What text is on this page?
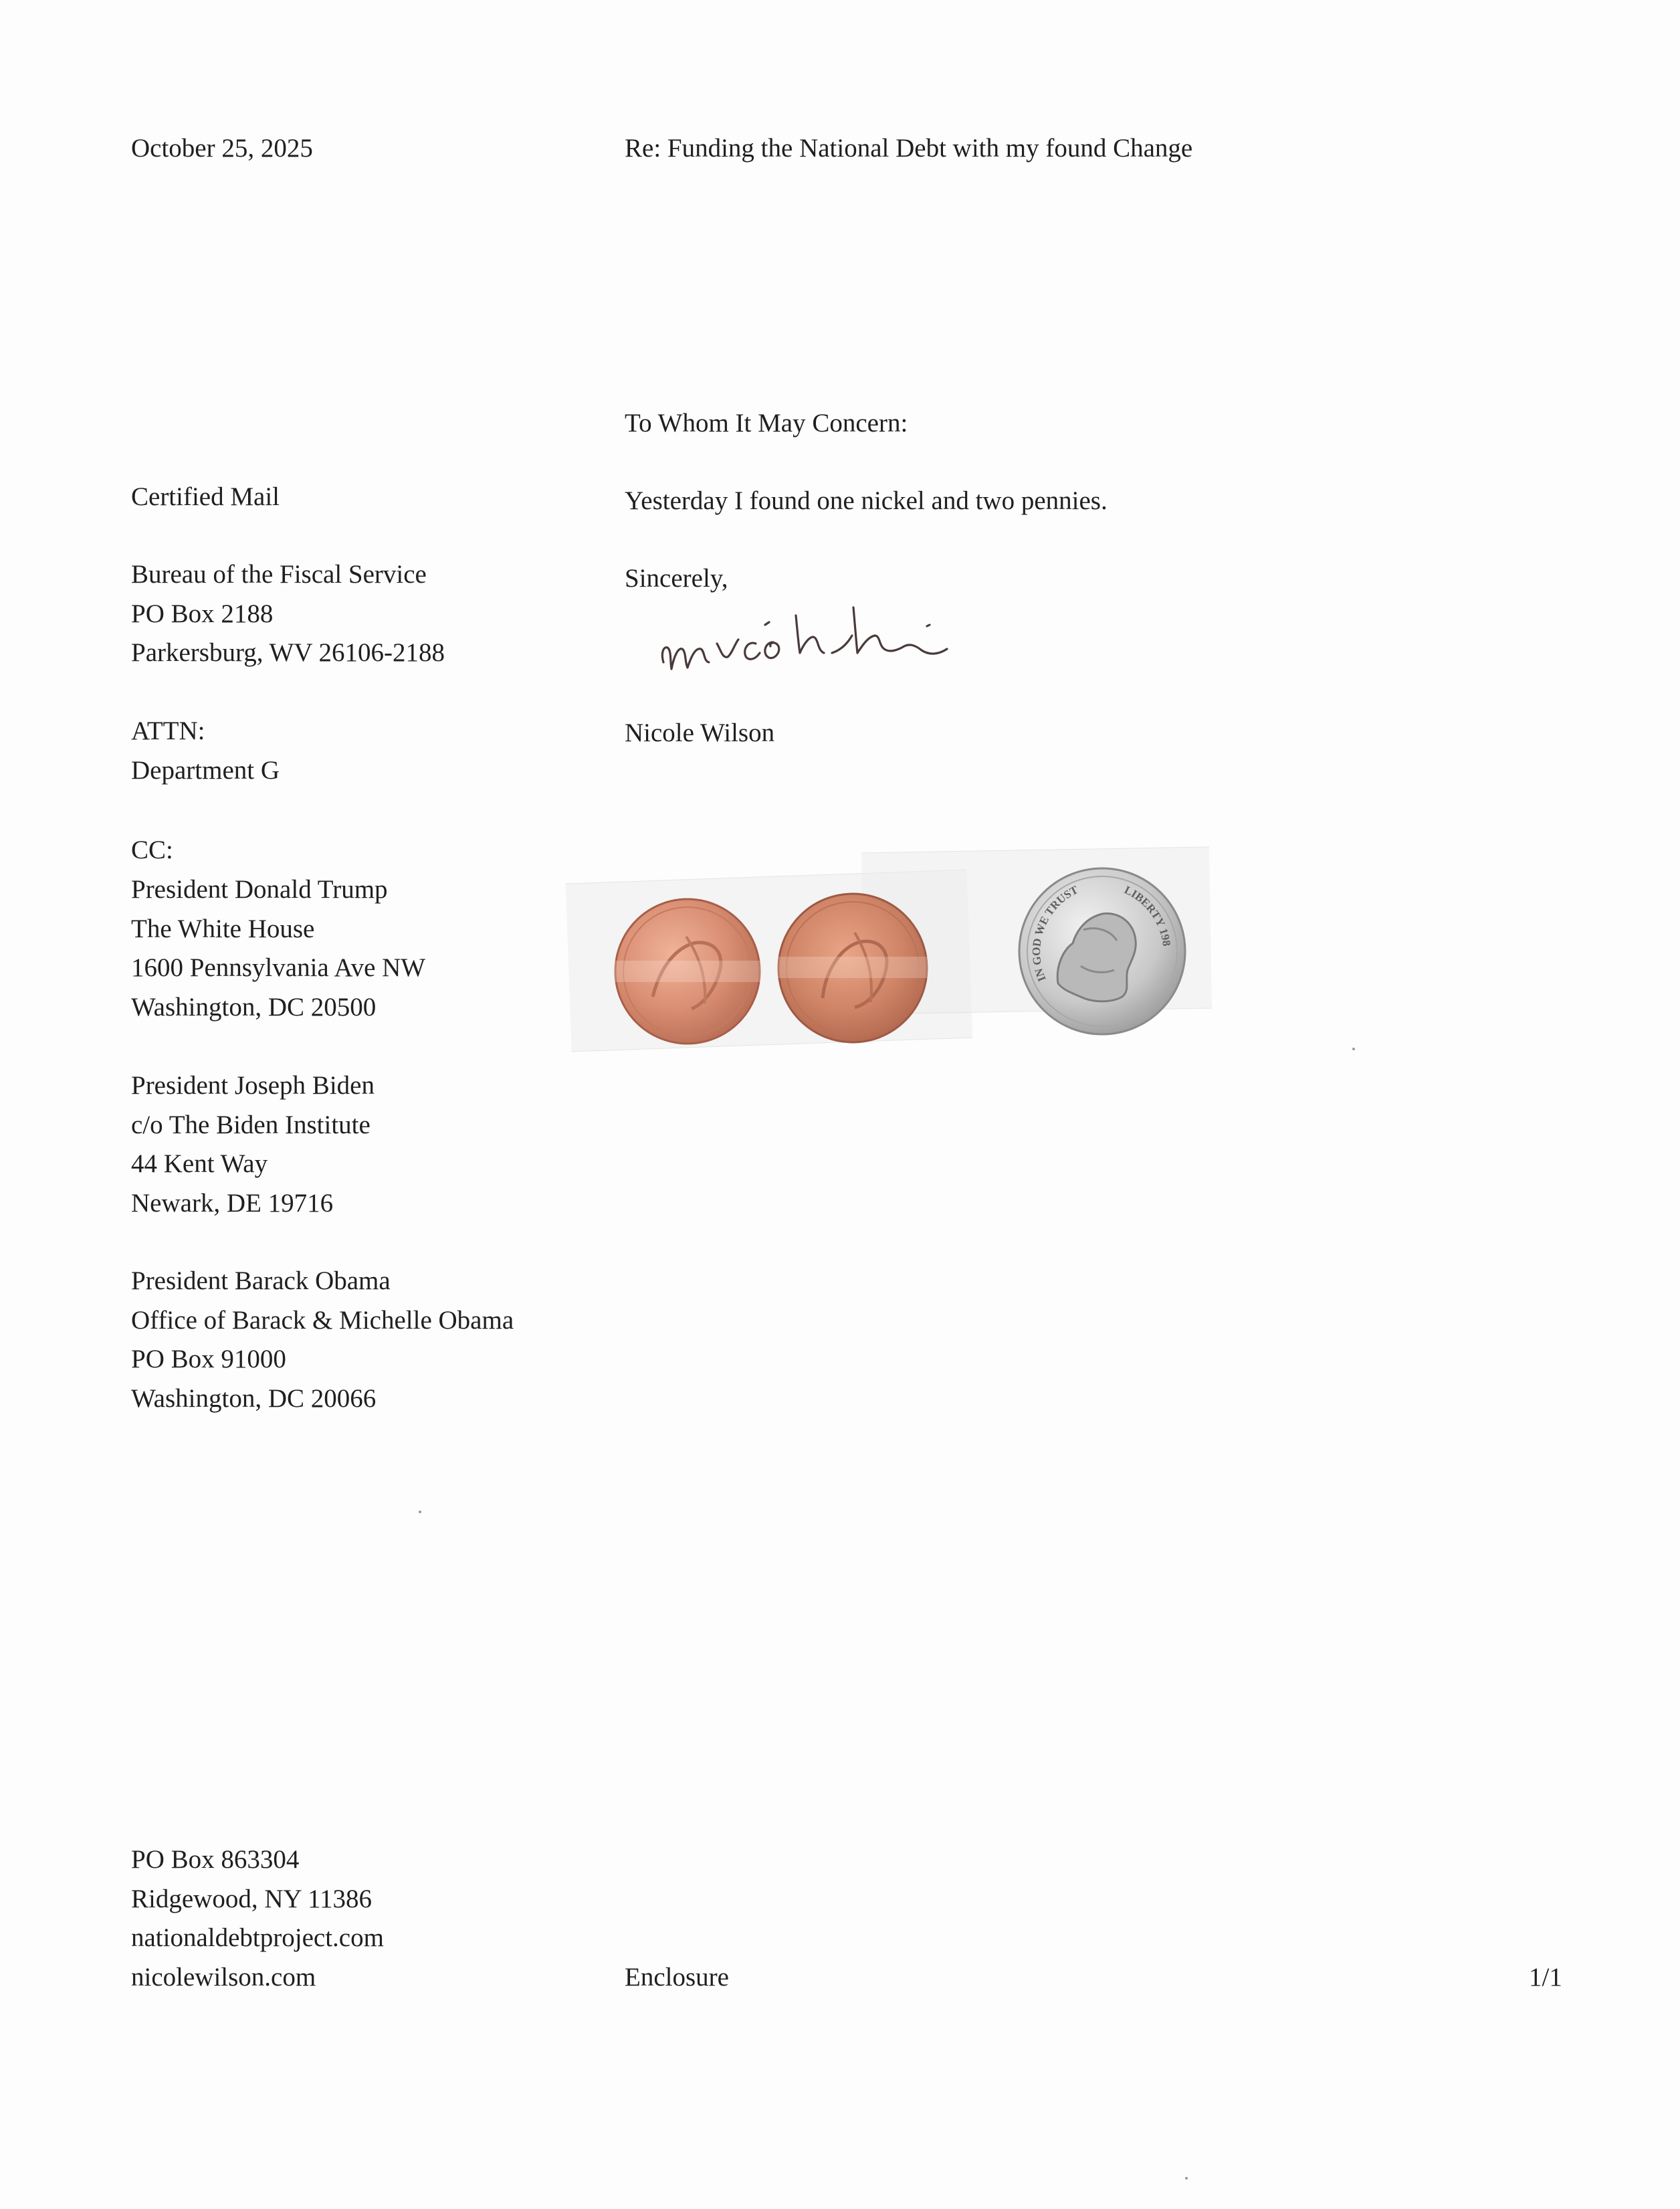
October 25, 2025	Re: Funding the National Debt with my found Change
Certified Mail
Bureau of the Fiscal Service
PO Box 2188
Parkersburg, WV 26106-2188
ATTN:
Department G
CC:
President Donald Trump
The White House
1600 Pennsylvania Ave NW
Washington, DC 20500
President Joseph Biden
c/o The Biden Institute
44 Kent Way
Newark, DE 19716
President Barack Obama
Office of Barack & Michelle Obama
PO Box 91000
Washington, DC 20066
To Whom It May Concern:
Yesterday I found one nickel and two pennies.
Sincerely,
Nicole Wilson
IN GOD WE TRUST	LIBERTY 198
PO Box 863304
Ridgewood, NY 11386
nationaldebtproject.com
nicolewilson.com	Enclosure	1/1
